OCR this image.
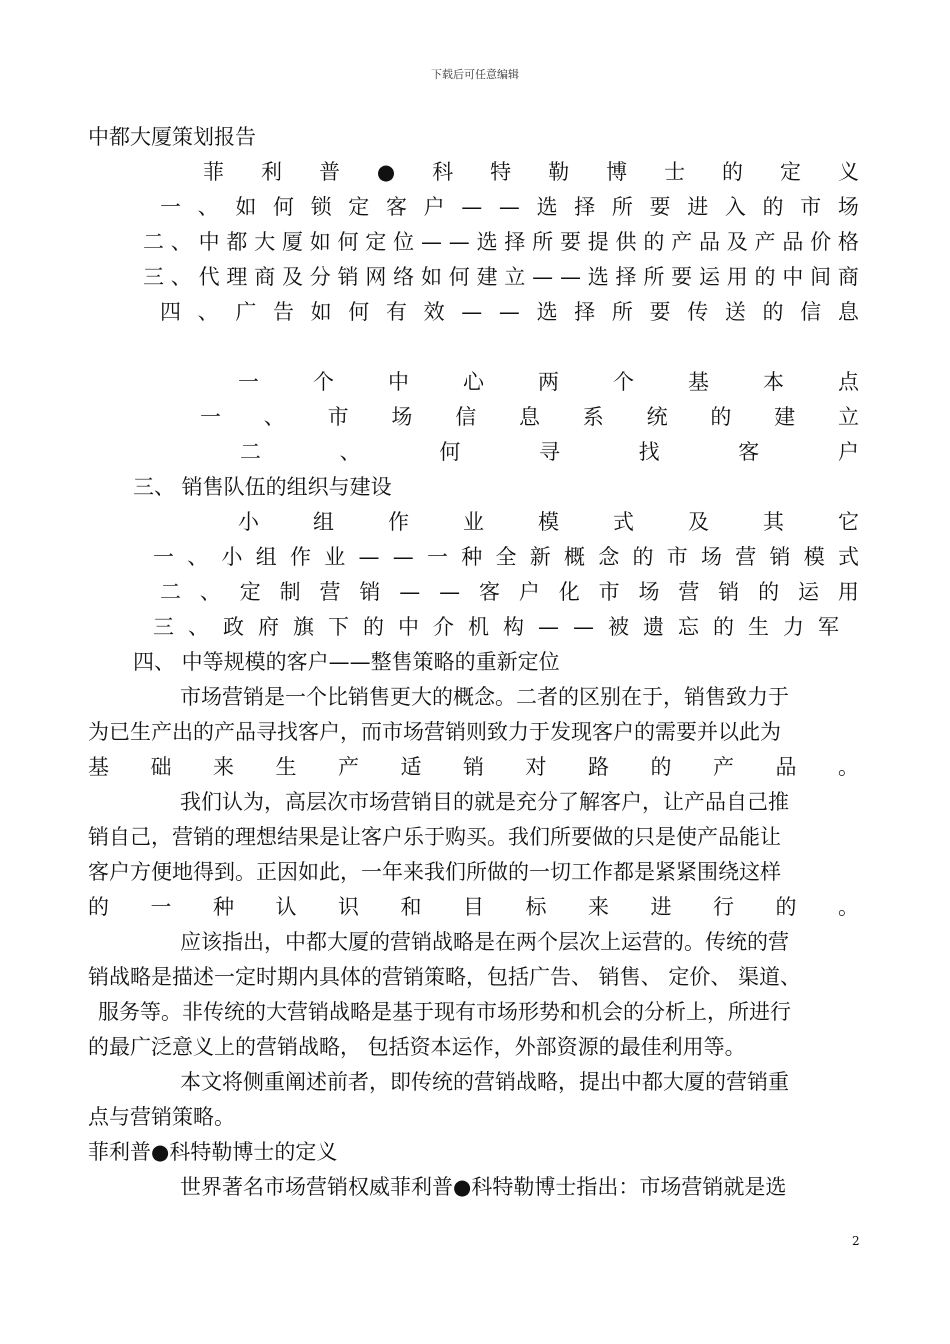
下载后可任意编辑
中都大厦策划报告
菲 利 普 ● 科 特 勒 博 士 的 定 义
一 、 如 何 锁 定 客 户 — — 选 择 所 要 进 入 的 市 场
二 、 中 都 大 厦 如 何 定 位 — — 选 择 所 要 提 供 的 产 品 及 产 品 价 格
三 、 代 理 商 及 分 销 网 络 如 何 建 立 — — 选 择 所 要 运 用 的 中 间 商
四 、 广 告 如 何 有 效 — — 选 择 所 要 传 送 的 信 息
一	个	中	心	两	个	基	本	点
一 、 市 场 信 息 系 统 的 建 立
二	、	何	寻	找	客	户
三、 销售队伍的组织与建设
小	组	作	业	模	式	及	其	它
一 、 小 组 作 业 — — 一 种 全 新 概 念 的 市 场 营 销 模 式
二 、 定 制 营 销 — — 客 户 化 市 场 营 销 的 运 用
三 、 政 府 旗 下 的 中 介 机 构 — — 被 遗 忘 的 生 力 军
四、 中等规模的客户——整售策略的重新定位
市场营销是一个比销售更大的概念。二者的区别在于，销售致力于
为已生产出的产品寻找客户，而市场营销则致力于发现客户的需要并以此为
基 础 来 生 产 适 销 对 路 的 产 品 。
我们认为，高层次市场营销目的就是充分了解客户，让产品自己推
销自己，营销的理想结果是让客户乐于购买。我们所要做的只是使产品能让
客户方便地得到。正因如此，一年来我们所做的一切工作都是紧紧围绕这样
的 一 种 认 识 和 目 标 来 进 行 的 。
应该指出，中都大厦的营销战略是在两个层次上运营的。传统的营
销战略是描述一定时期内具体的营销策略，包括广告、 销售、 定价、 渠道、
服务等。非传统的大营销战略是基于现有市场形势和机会的分析上，所进行
的最广泛意义上的营销战略， 包括资本运作，外部资源的最佳利用等。
本文将侧重阐述前者，即传统的营销战略，提出中都大厦的营销重
点与营销策略。
菲利普●科特勒博士的定义
世界著名市场营销权威菲利普●科特勒博士指出：市场营销就是选
2
